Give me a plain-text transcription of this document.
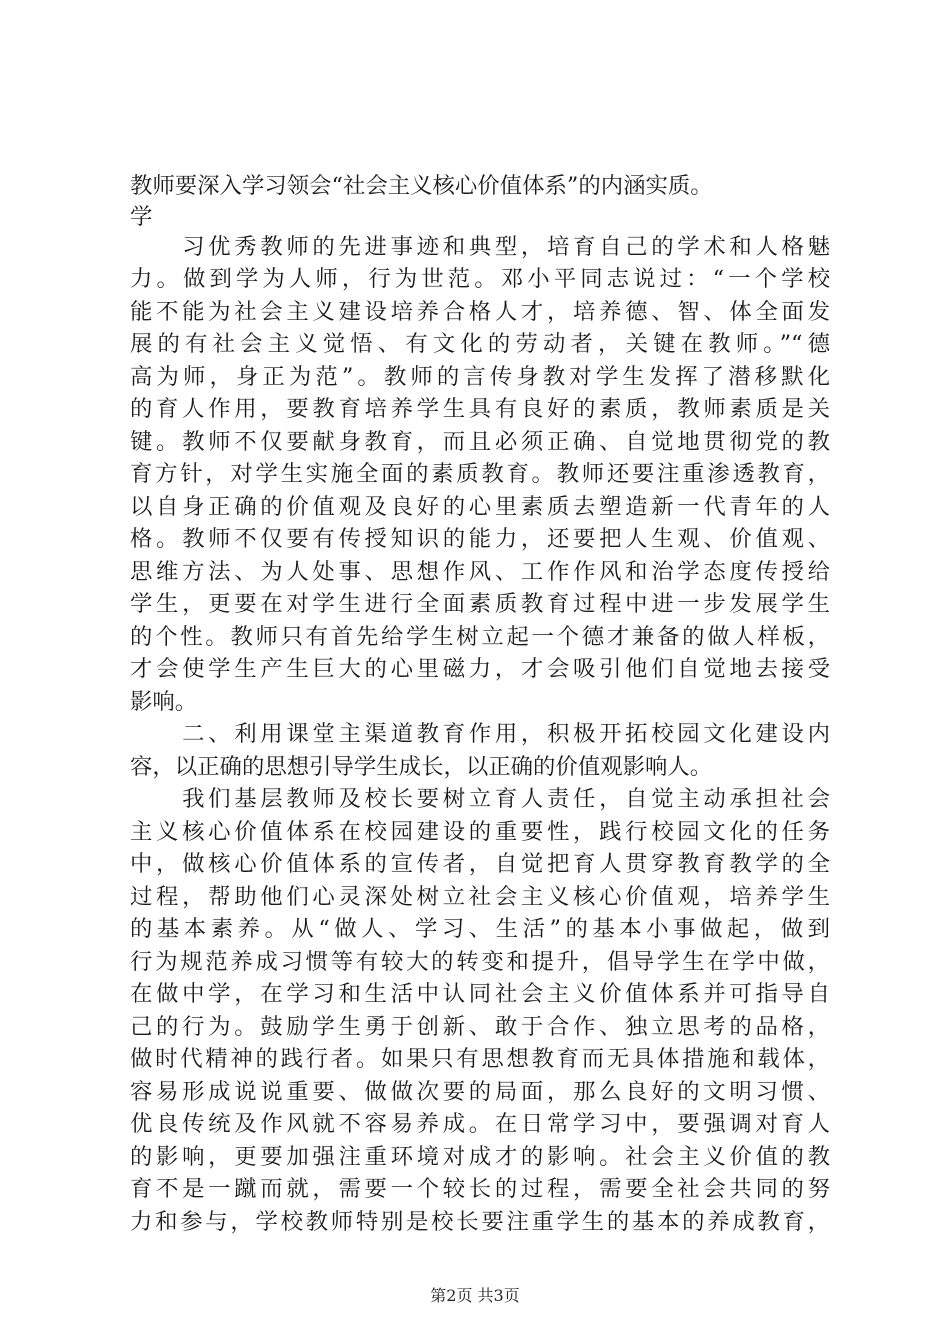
教师要深入学习领会“社会主义核心价值体系”的内涵实质。
学
　　习优秀教师的先进事迹和典型，培育自己的学术和人格魅
力。做到学为人师，行为世范。邓小平同志说过：“一个学校
能不能为社会主义建设培养合格人才，培养德、智、体全面发
展的有社会主义觉悟、有文化的劳动者，关键在教师。”“德
高为师，身正为范”。教师的言传身教对学生发挥了潜移默化
的育人作用，要教育培养学生具有良好的素质，教师素质是关
键。教师不仅要献身教育，而且必须正确、自觉地贯彻党的教
育方针，对学生实施全面的素质教育。教师还要注重渗透教育，
以自身正确的价值观及良好的心里素质去塑造新一代青年的人
格。教师不仅要有传授知识的能力，还要把人生观、价值观、
思维方法、为人处事、思想作风、工作作风和治学态度传授给
学生，更要在对学生进行全面素质教育过程中进一步发展学生
的个性。教师只有首先给学生树立起一个德才兼备的做人样板，
才会使学生产生巨大的心里磁力，才会吸引他们自觉地去接受
影响。
　　二、利用课堂主渠道教育作用，积极开拓校园文化建设内
容，以正确的思想引导学生成长，以正确的价值观影响人。
　　我们基层教师及校长要树立育人责任，自觉主动承担社会
主义核心价值体系在校园建设的重要性，践行校园文化的任务
中，做核心价值体系的宣传者，自觉把育人贯穿教育教学的全
过程，帮助他们心灵深处树立社会主义核心价值观，培养学生
的基本素养。从“做人、学习、生活”的基本小事做起，做到
行为规范养成习惯等有较大的转变和提升，倡导学生在学中做，
在做中学，在学习和生活中认同社会主义价值体系并可指导自
己的行为。鼓励学生勇于创新、敢于合作、独立思考的品格，
做时代精神的践行者。如果只有思想教育而无具体措施和载体，
容易形成说说重要、做做次要的局面，那么良好的文明习惯、
优良传统及作风就不容易养成。在日常学习中，要强调对育人
的影响，更要加强注重环境对成才的影响。社会主义价值的教
育不是一蹴而就，需要一个较长的过程，需要全社会共同的努
力和参与，学校教师特别是校长要注重学生的基本的养成教育，
第2页 共3页
